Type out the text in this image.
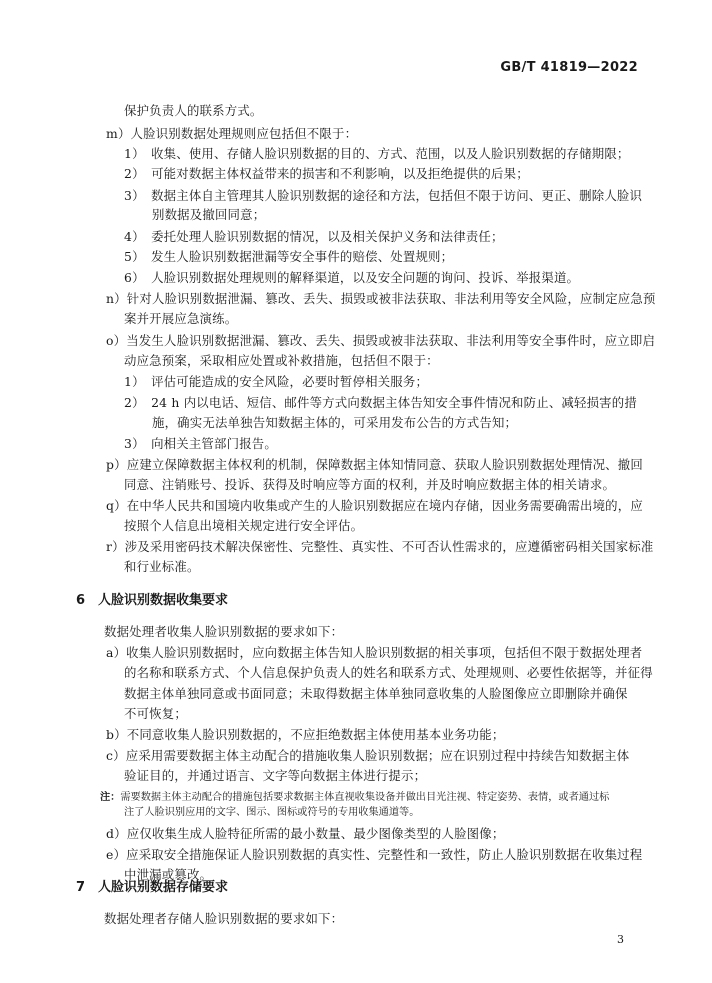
GB/T 41819—2022
保护负责人的联系方式。
m）人脸识别数据处理规则应包括但不限于：
1）　收集、使用、存储人脸识别数据的目的、方式、范围，以及人脸识别数据的存储期限；
2）　可能对数据主体权益带来的损害和不利影响，以及拒绝提供的后果；
3）　数据主体自主管理其人脸识别数据的途径和方法，包括但不限于访问、更正、删除人脸识
别数据及撤回同意；
4）　委托处理人脸识别数据的情况，以及相关保护义务和法律责任；
5）　发生人脸识别数据泄漏等安全事件的赔偿、处置规则；
6）　人脸识别数据处理规则的解释渠道，以及安全问题的询问、投诉、举报渠道。
n）针对人脸识别数据泄漏、篡改、丢失、损毁或被非法获取、非法利用等安全风险，应制定应急预
案并开展应急演练。
o）当发生人脸识别数据泄漏、篡改、丢失、损毁或被非法获取、非法利用等安全事件时，应立即启
动应急预案，采取相应处置或补救措施，包括但不限于：
1）　评估可能造成的安全风险，必要时暂停相关服务；
2）　24 h 内以电话、短信、邮件等方式向数据主体告知安全事件情况和防止、减轻损害的措
施，确实无法单独告知数据主体的，可采用发布公告的方式告知；
3）　向相关主管部门报告。
p）应建立保障数据主体权利的机制，保障数据主体知情同意、获取人脸识别数据处理情况、撤回
同意、注销账号、投诉、获得及时响应等方面的权利，并及时响应数据主体的相关请求。
q）在中华人民共和国境内收集或产生的人脸识别数据应在境内存储，因业务需要确需出境的，应
按照个人信息出境相关规定进行安全评估。
r）涉及采用密码技术解决保密性、完整性、真实性、不可否认性需求的，应遵循密码相关国家标准
和行业标准。
6　人脸识别数据收集要求
数据处理者收集人脸识别数据的要求如下：
a）收集人脸识别数据时，应向数据主体告知人脸识别数据的相关事项，包括但不限于数据处理者
的名称和联系方式、个人信息保护负责人的姓名和联系方式、处理规则、必要性依据等，并征得
数据主体单独同意或书面同意；未取得数据主体单独同意收集的人脸图像应立即删除并确保
不可恢复；
b）不同意收集人脸识别数据的，不应拒绝数据主体使用基本业务功能；
c）应采用需要数据主体主动配合的措施收集人脸识别数据；应在识别过程中持续告知数据主体
验证目的，并通过语言、文字等向数据主体进行提示；
注：需要数据主体主动配合的措施包括要求数据主体直视收集设备并做出目光注视、特定姿势、表情，或者通过标
注了人脸识别应用的文字、图示、图标或符号的专用收集通道等。
d）应仅收集生成人脸特征所需的最小数量、最少图像类型的人脸图像；
e）应采取安全措施保证人脸识别数据的真实性、完整性和一致性，防止人脸识别数据在收集过程
中泄漏或篡改。
7　人脸识别数据存储要求
数据处理者存储人脸识别数据的要求如下：
3
